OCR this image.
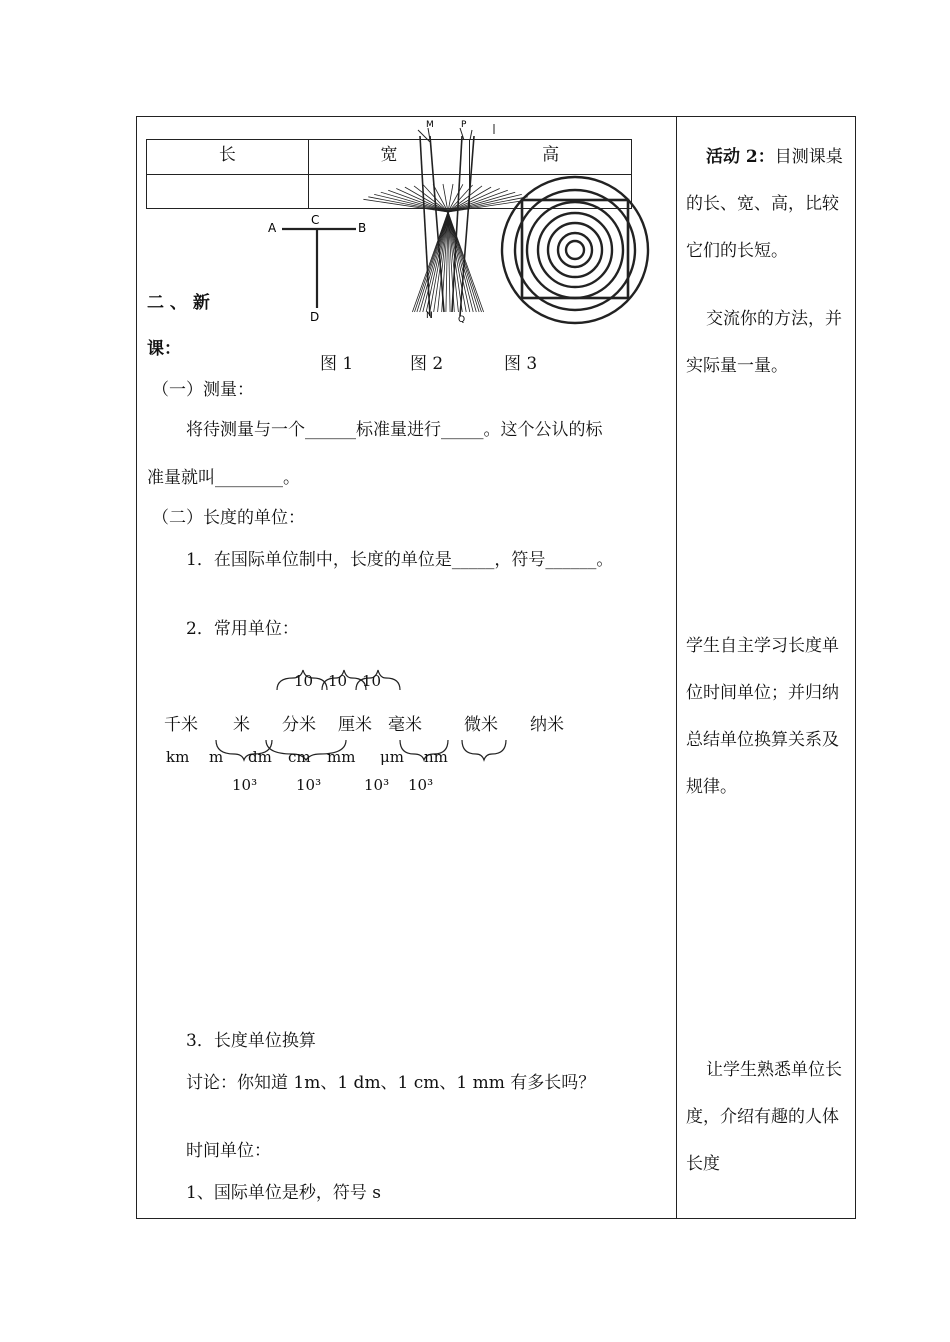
M	P
N	Q
A
C
B
D
长	宽	高

二 、 新
课：
图 1	图 2	图 3
（一）测量：
将待测量与一个______标准量进行_____。这个公认的标
准量就叫________。
（二）长度的单位：
1．在国际单位制中，长度的单位是_____，符号______。
2．常用单位：
10 10 10
千米 米 分米 厘米 毫米 微米 纳米
km m dm cm mm μm nm
10³	10³	10³ 10³
3．长度单位换算
讨论：你知道 1m、1 dm、1 cm、1 mm 有多长吗？
时间单位：
1、国际单位是秒，符号 s
活动 2：目测课桌的长、宽、高，比较它们的长短。
交流你的方法，并实际量一量。
学生自主学习长度单位时间单位；并归纳总结单位换算关系及规律。
让学生熟悉单位长度，介绍有趣的人体长度
